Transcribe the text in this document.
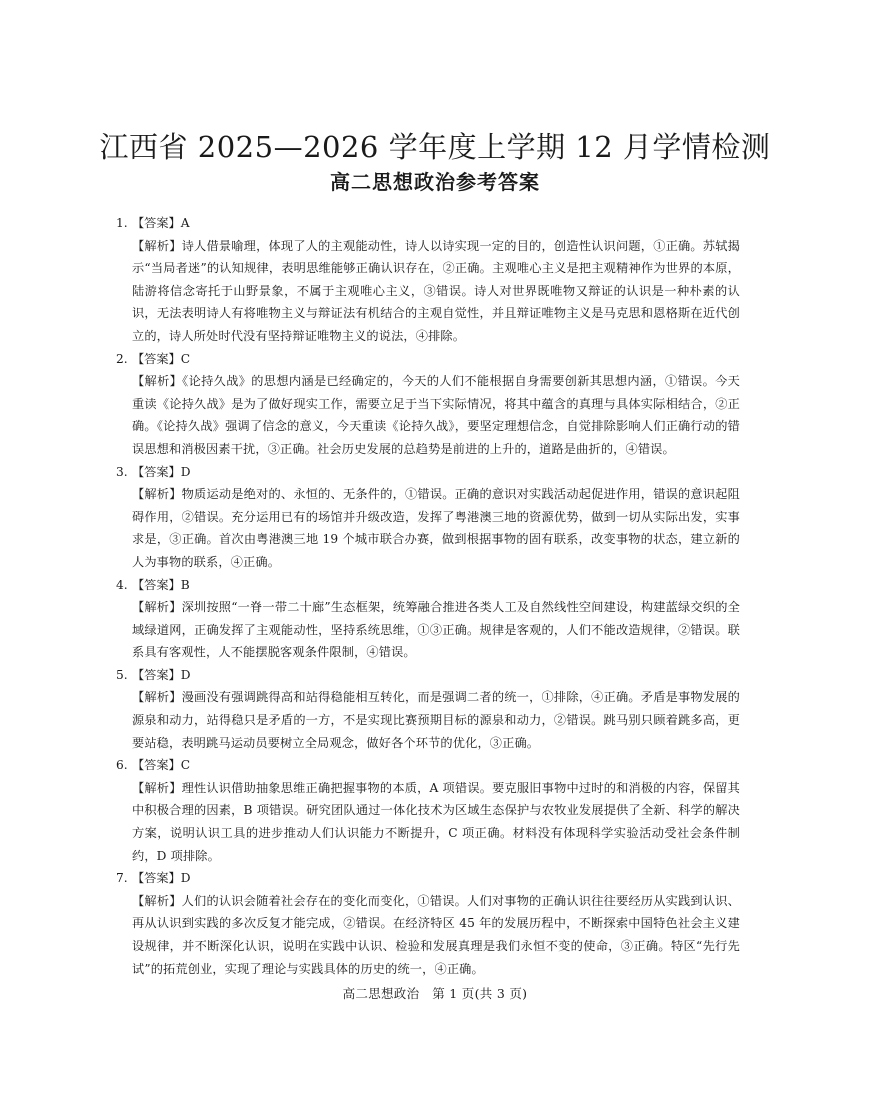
江西省 2025—2026 学年度上学期 12 月学情检测
高二思想政治参考答案
1. 【答案】A
【解析】诗人借景喻理，体现了人的主观能动性，诗人以诗实现一定的目的，创造性认识问题，①正确。苏轼揭示“当局者迷”的认知规律，表明思维能够正确认识存在，②正确。主观唯心主义是把主观精神作为世界的本原，陆游将信念寄托于山野景象，不属于主观唯心主义，③错误。诗人对世界既唯物又辩证的认识是一种朴素的认识，无法表明诗人有将唯物主义与辩证法有机结合的主观自觉性，并且辩证唯物主义是马克思和恩格斯在近代创立的，诗人所处时代没有坚持辩证唯物主义的说法，④排除。
2. 【答案】C
【解析】《论持久战》的思想内涵是已经确定的，今天的人们不能根据自身需要创新其思想内涵，①错误。今天重读《论持久战》是为了做好现实工作，需要立足于当下实际情况，将其中蕴含的真理与具体实际相结合，②正确。《论持久战》强调了信念的意义，今天重读《论持久战》，要坚定理想信念，自觉排除影响人们正确行动的错误思想和消极因素干扰，③正确。社会历史发展的总趋势是前进的上升的，道路是曲折的，④错误。
3. 【答案】D
【解析】物质运动是绝对的、永恒的、无条件的，①错误。正确的意识对实践活动起促进作用，错误的意识起阻碍作用，②错误。充分运用已有的场馆并升级改造，发挥了粤港澳三地的资源优势，做到一切从实际出发，实事求是，③正确。首次由粤港澳三地 19 个城市联合办赛，做到根据事物的固有联系，改变事物的状态，建立新的人为事物的联系，④正确。
4. 【答案】B
【解析】深圳按照“一脊一带二十廊”生态框架，统筹融合推进各类人工及自然线性空间建设，构建蓝绿交织的全域绿道网，正确发挥了主观能动性，坚持系统思维，①③正确。规律是客观的，人们不能改造规律，②错误。联系具有客观性，人不能摆脱客观条件限制，④错误。
5. 【答案】D
【解析】漫画没有强调跳得高和站得稳能相互转化，而是强调二者的统一，①排除，④正确。矛盾是事物发展的源泉和动力，站得稳只是矛盾的一方，不是实现比赛预期目标的源泉和动力，②错误。跳马别只顾着跳多高，更要站稳，表明跳马运动员要树立全局观念，做好各个环节的优化，③正确。
6. 【答案】C
【解析】理性认识借助抽象思维正确把握事物的本质，A 项错误。要克服旧事物中过时的和消极的内容，保留其中积极合理的因素，B 项错误。研究团队通过一体化技术为区域生态保护与农牧业发展提供了全新、科学的解决方案，说明认识工具的进步推动人们认识能力不断提升，C 项正确。材料没有体现科学实验活动受社会条件制约，D 项排除。
7. 【答案】D
【解析】人们的认识会随着社会存在的变化而变化，①错误。人们对事物的正确认识往往要经历从实践到认识、再从认识到实践的多次反复才能完成，②错误。在经济特区 45 年的发展历程中，不断探索中国特色社会主义建设规律，并不断深化认识，说明在实践中认识、检验和发展真理是我们永恒不变的使命，③正确。特区“先行先试”的拓荒创业，实现了理论与实践具体的历史的统一，④正确。
高二思想政治　第 1 页(共 3 页)
